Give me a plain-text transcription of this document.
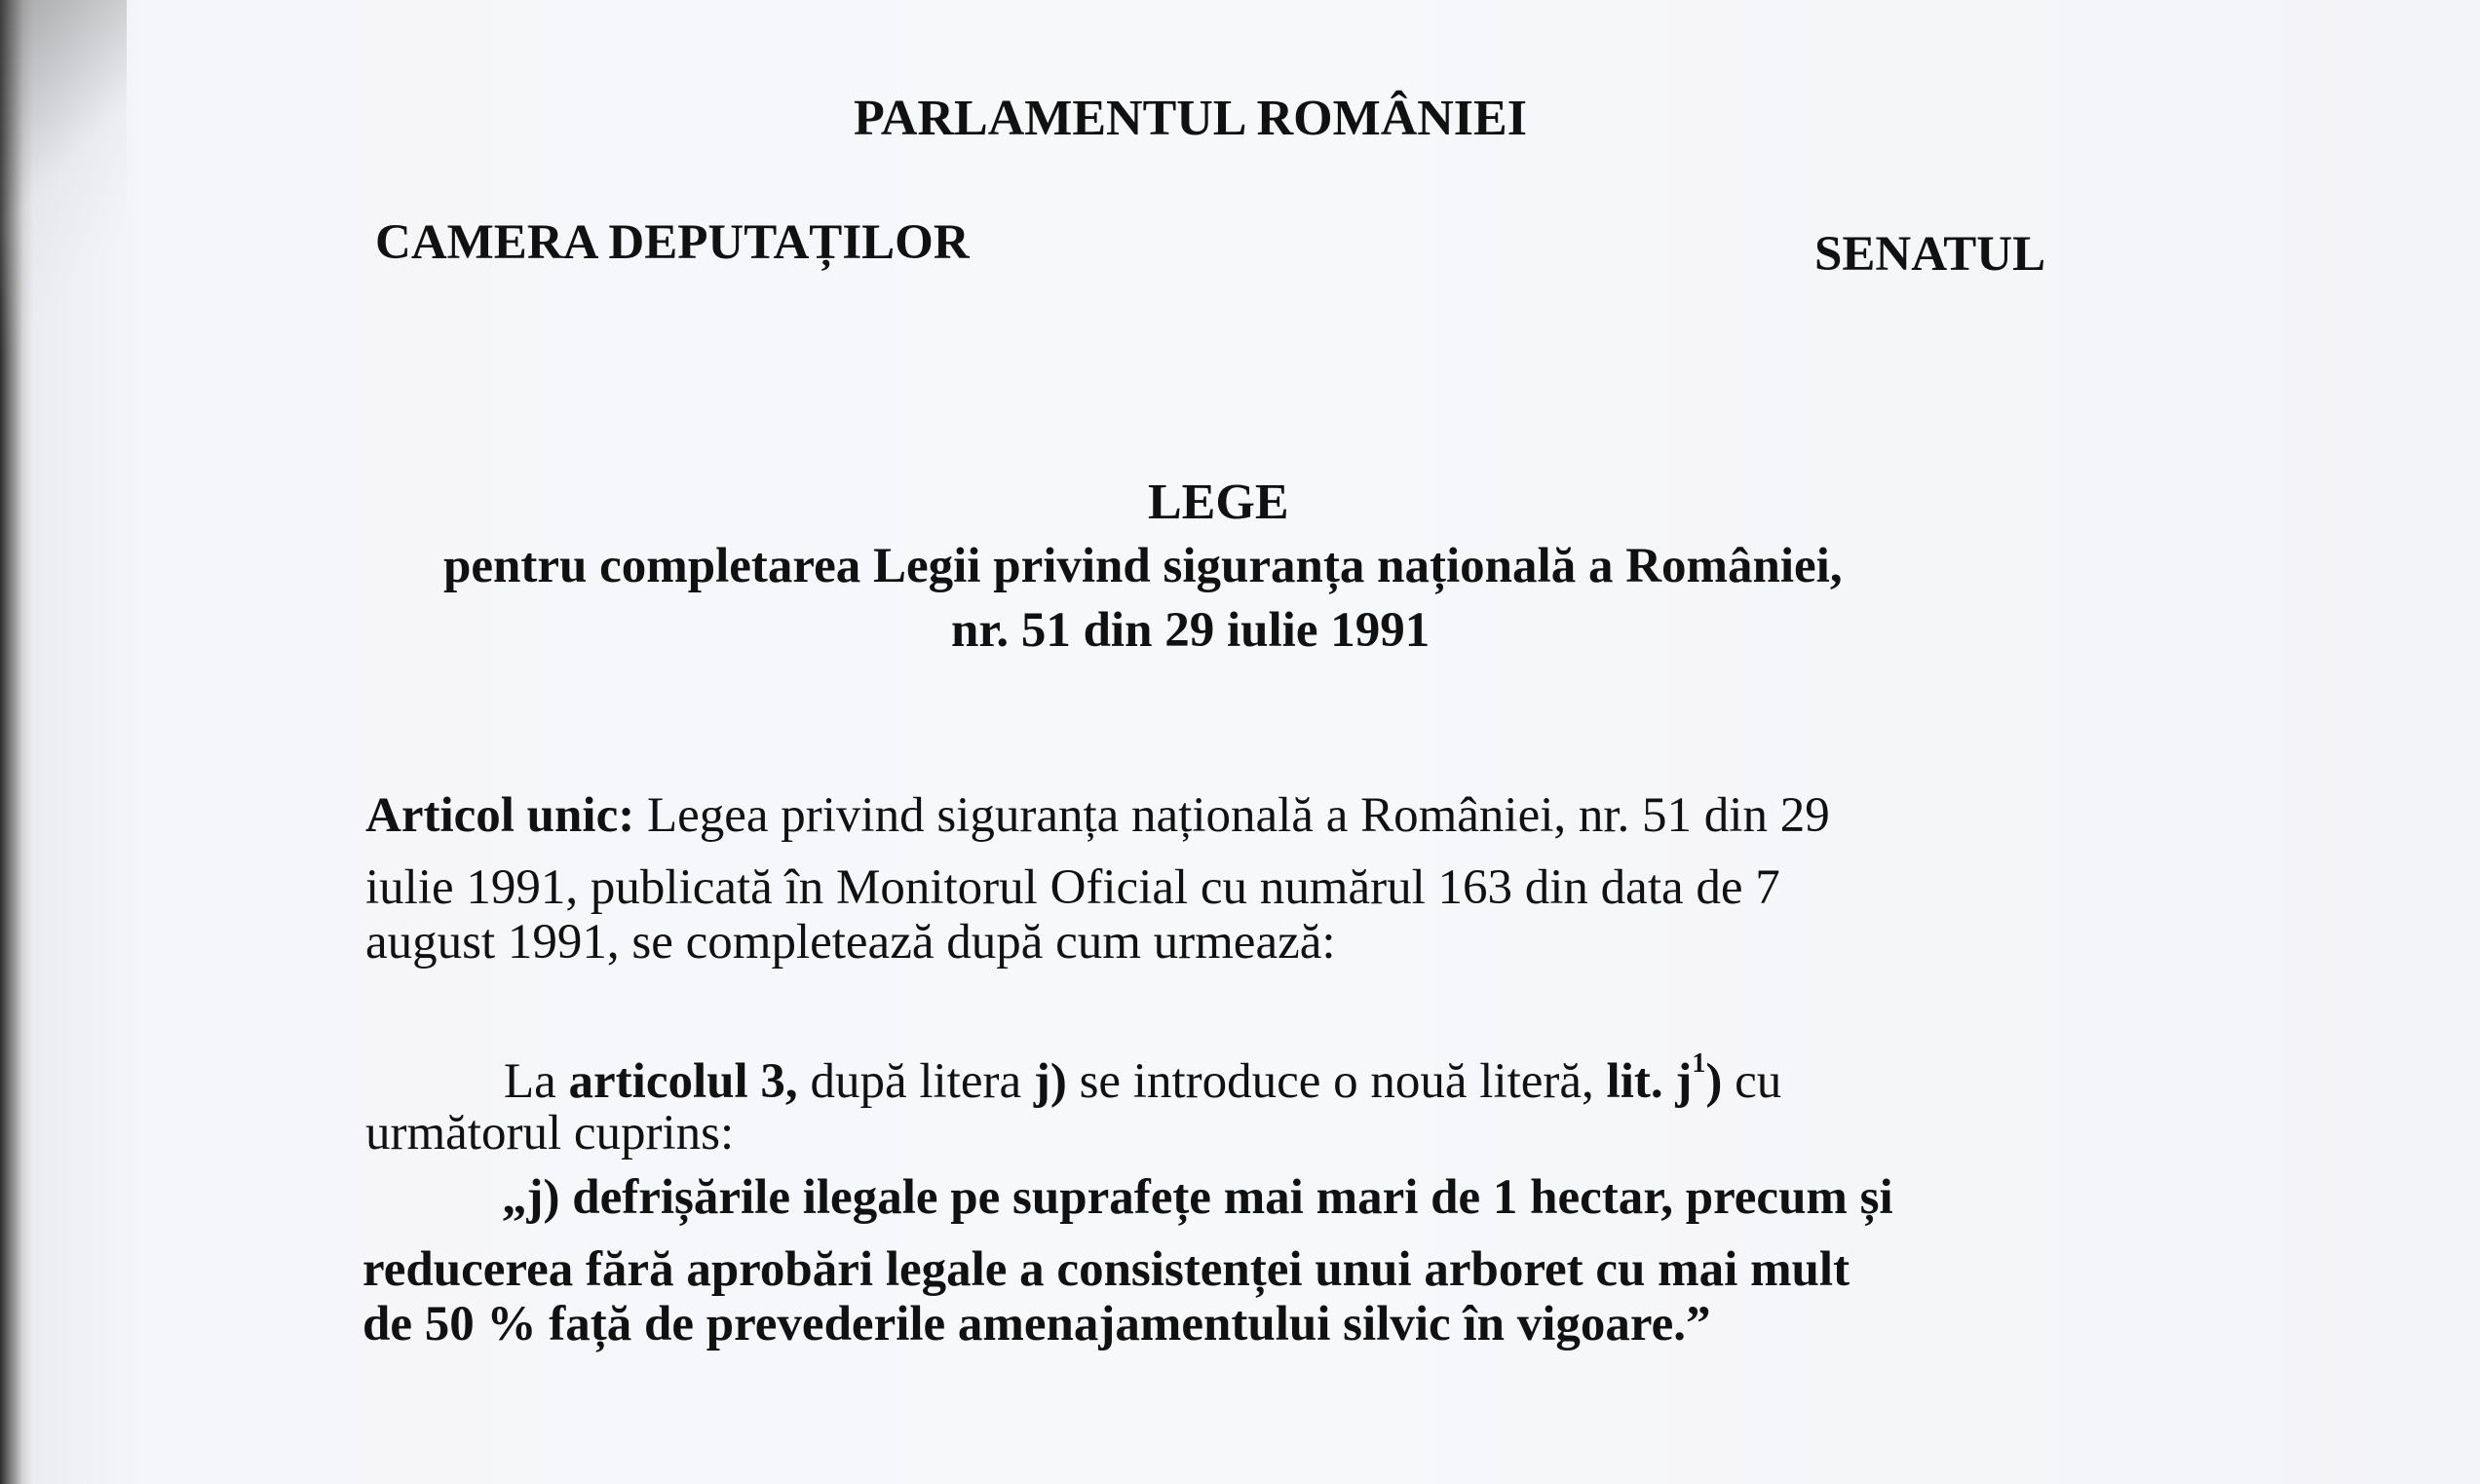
PARLAMENTUL ROMÂNIEI
CAMERA DEPUTAȚILOR	SENATUL
LEGE
pentru completarea Legii privind siguranța națională a României,
nr. 51 din 29 iulie 1991
Articol unic: Legea privind siguranța națională a României, nr. 51 din 29
iulie 1991, publicată în Monitorul Oficial cu numărul 163 din data de 7
august 1991, se completează după cum urmează:
La articolul 3, după litera j) se introduce o nouă literă, lit. $j^1$) cu
următorul cuprins:
„j) defrișările ilegale pe suprafețe mai mari de 1 hectar, precum și
reducerea fără aprobări legale a consistenței unui arboret cu mai mult
de 50 % față de prevederile amenajamentului silvic în vigoare.”
